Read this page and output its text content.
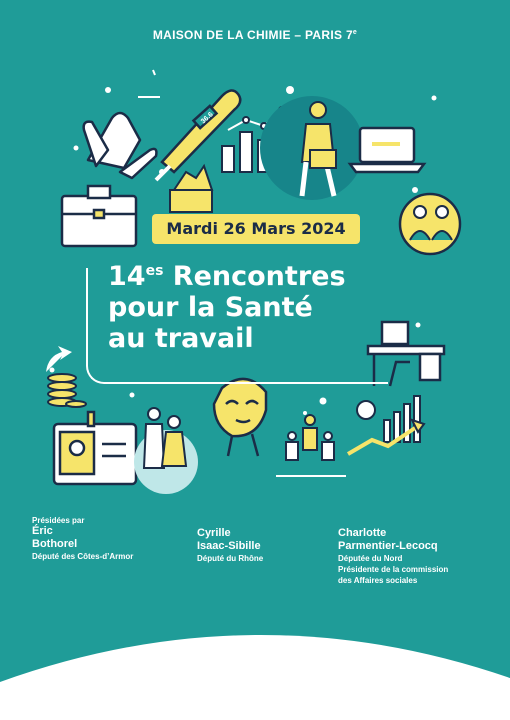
MAISON DE LA CHIMIE – PARIS 7e
36.6
Mardi 26 Mars 2024
$14^{es}$ Rencontres
pour la Santé
au travail
Présidées par
Éric
Bothorel
Député des Côtes-d’Armor
Cyrille
Isaac-Sibille
Député du Rhône
Charlotte
Parmentier-Lecocq
Députée du Nord
Présidente de la commission
des Affaires sociales
